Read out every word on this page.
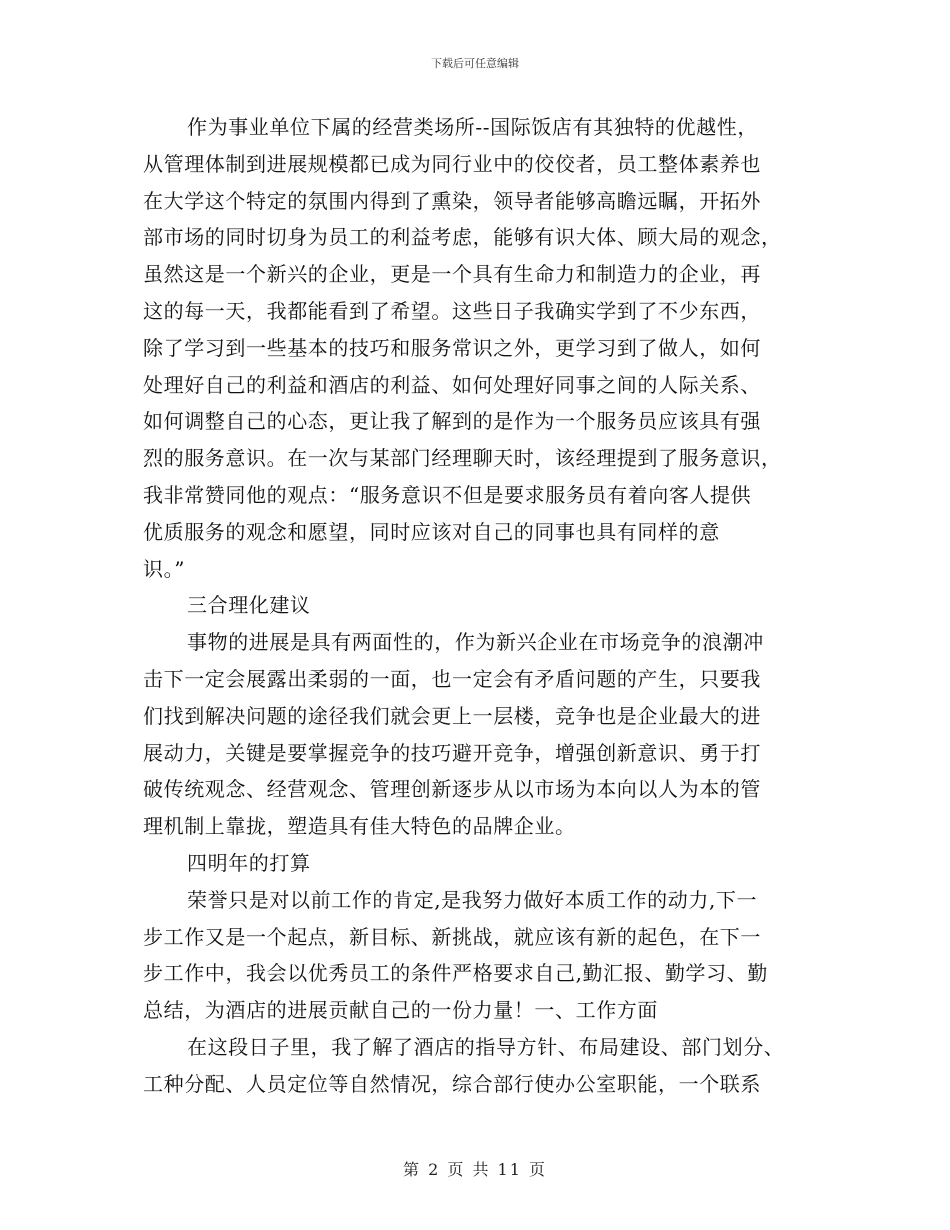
下载后可任意编辑
作为事业单位下属的经营类场所--国际饭店有其独特的优越性，
从管理体制到进展规模都已成为同行业中的佼佼者，员工整体素养也
在大学这个特定的氛围内得到了熏染，领导者能够高瞻远瞩，开拓外
部市场的同时切身为员工的利益考虑，能够有识大体、顾大局的观念，
虽然这是一个新兴的企业，更是一个具有生命力和制造力的企业，再
这的每一天，我都能看到了希望。这些日子我确实学到了不少东西，
除了学习到一些基本的技巧和服务常识之外，更学习到了做人，如何
处理好自己的利益和酒店的利益、如何处理好同事之间的人际关系、
如何调整自己的心态，更让我了解到的是作为一个服务员应该具有强
烈的服务意识。在一次与某部门经理聊天时，该经理提到了服务意识，
我非常赞同他的观点：“服务意识不但是要求服务员有着向客人提供
优质服务的观念和愿望，同时应该对自己的同事也具有同样的意
识。”
三合理化建议
事物的进展是具有两面性的，作为新兴企业在市场竞争的浪潮冲
击下一定会展露出柔弱的一面，也一定会有矛盾问题的产生，只要我
们找到解决问题的途径我们就会更上一层楼，竞争也是企业最大的进
展动力，关键是要掌握竞争的技巧避开竞争，增强创新意识、勇于打
破传统观念、经营观念、管理创新逐步从以市场为本向以人为本的管
理机制上靠拢，塑造具有佳大特色的品牌企业。
四明年的打算
荣誉只是对以前工作的肯定,是我努力做好本质工作的动力,下一
步工作又是一个起点，新目标、新挑战，就应该有新的起色，在下一
步工作中，我会以优秀员工的条件严格要求自己,勤汇报、勤学习、勤
总结，为酒店的进展贡献自己的一份力量！一、工作方面
在这段日子里，我了解了酒店的指导方针、布局建设、部门划分、
工种分配、人员定位等自然情况，综合部行使办公室职能，一个联系
第 2 页 共 11 页
